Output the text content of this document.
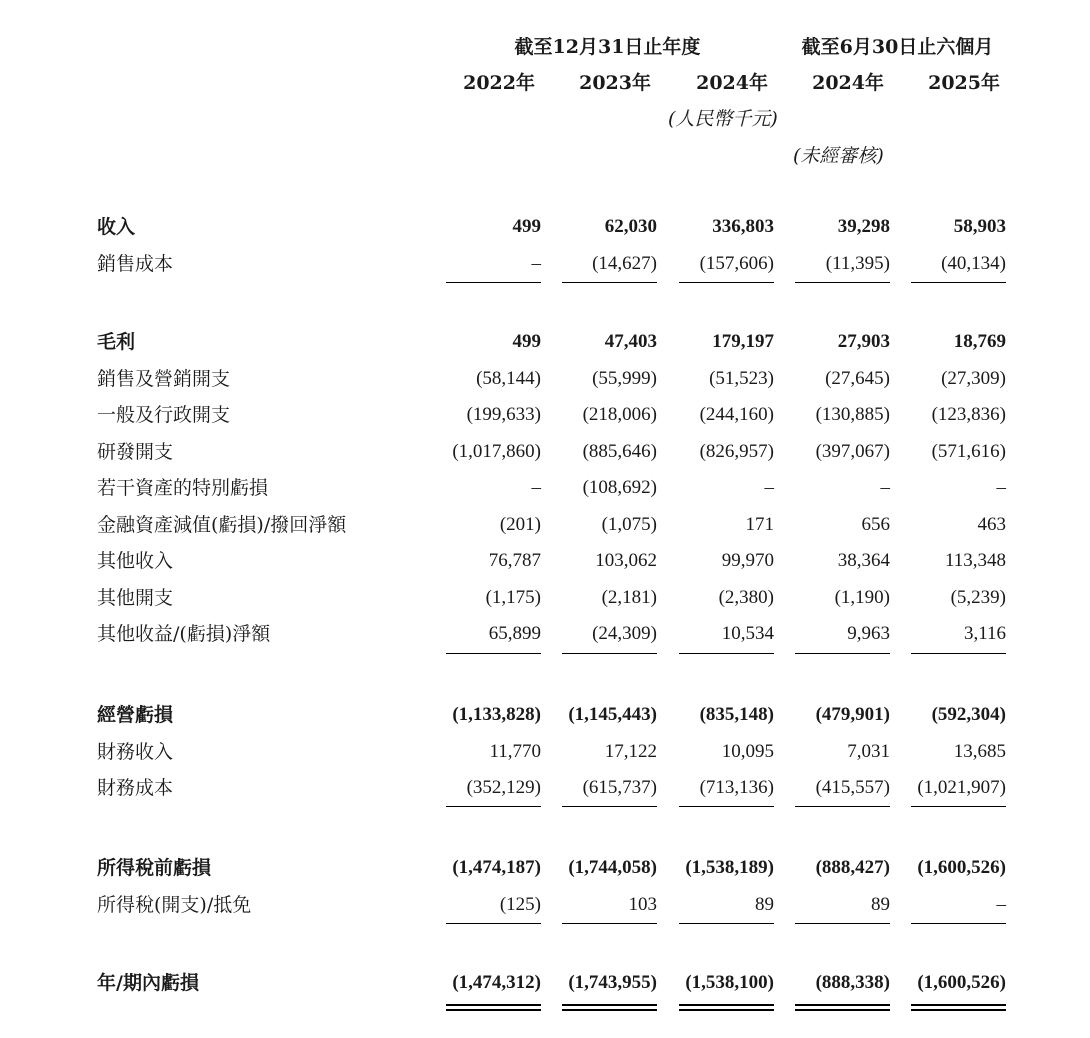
截至12月31日止年度	截至6月30日止六個月
2022年	2023年	2024年	2024年	2025年
(人民幣千元)
(未經審核)
收入	499	62,030	336,803	39,298	58,903
銷售成本	–	(14,627)	(157,606)	(11,395)	(40,134)
毛利	499	47,403	179,197	27,903	18,769
銷售及營銷開支	(58,144)	(55,999)	(51,523)	(27,645)	(27,309)
一般及行政開支	(199,633)	(218,006)	(244,160)	(130,885)	(123,836)
研發開支	(1,017,860)	(885,646)	(826,957)	(397,067)	(571,616)
若干資產的特別虧損	–	(108,692)	–	–	–
金融資產減值(虧損)/撥回淨額	(201)	(1,075)	171	656	463
其他收入	76,787	103,062	99,970	38,364	113,348
其他開支	(1,175)	(2,181)	(2,380)	(1,190)	(5,239)
其他收益/(虧損)淨額	65,899	(24,309)	10,534	9,963	3,116
經營虧損	(1,133,828)	(1,145,443)	(835,148)	(479,901)	(592,304)
財務收入	11,770	17,122	10,095	7,031	13,685
財務成本	(352,129)	(615,737)	(713,136)	(415,557)	(1,021,907)
所得稅前虧損	(1,474,187)	(1,744,058)	(1,538,189)	(888,427)	(1,600,526)
所得稅(開支)/抵免	(125)	103	89	89	–
年/期內虧損	(1,474,312)	(1,743,955)	(1,538,100)	(888,338)	(1,600,526)
